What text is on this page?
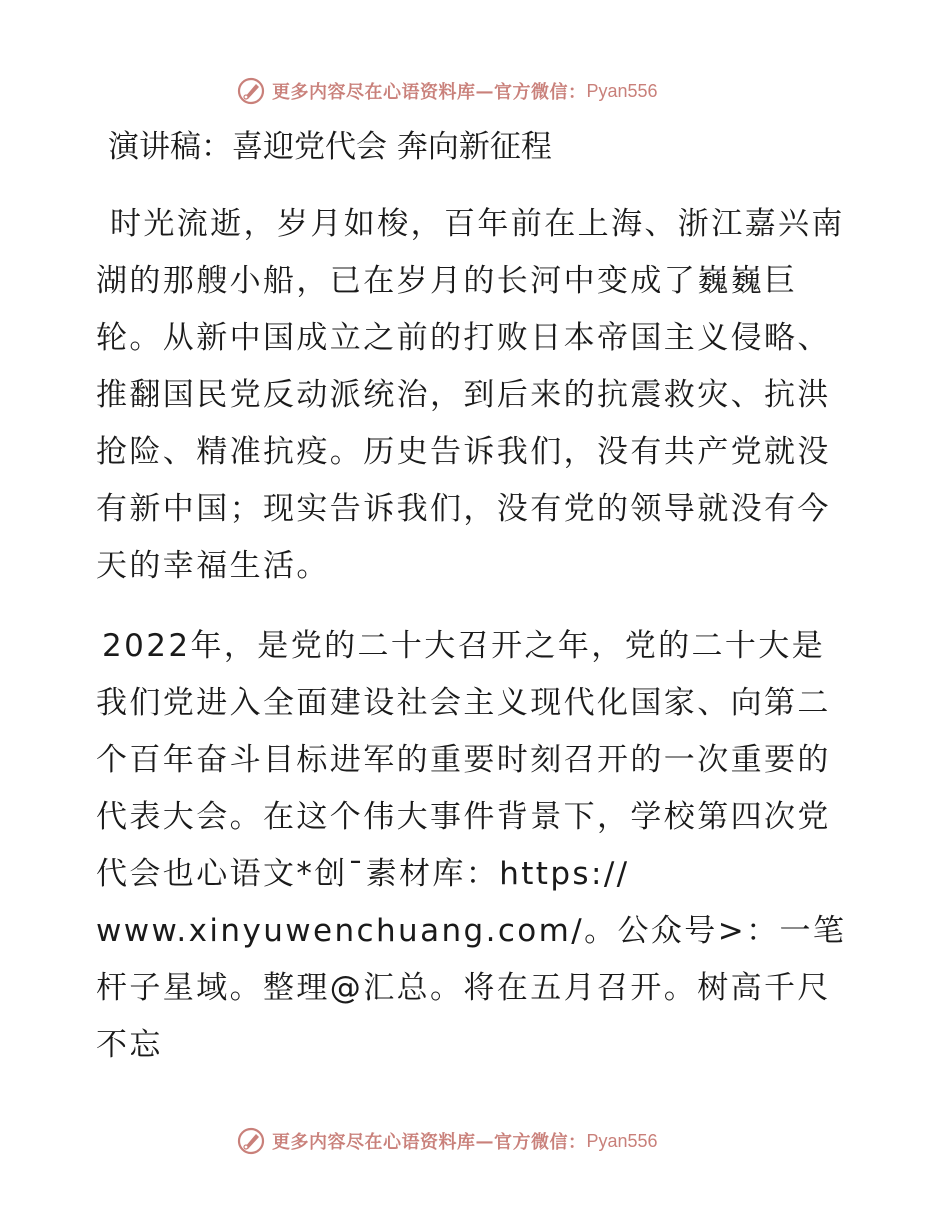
更多内容尽在心语资料库 — 官方微信： Pyan556
演讲稿：喜迎党代会 奔向新征程

时光流逝，岁月如梭，百年前在上海、浙江嘉兴南湖的那艘小船，已在岁月的长河中变成了巍巍巨轮。从新中国成立之前的打败日本帝国主义侵略、推翻国民党反动派统治，到后来的抗震救灾、抗洪抢险、精准抗疫。历史告诉我们，没有共产党就没有新中国；现实告诉我们，没有党的领导就没有今天的幸福生活。

2022年，是党的二十大召开之年，党的二十大是我们党进入全面建设社会主义现代化国家、向第二个百年奋斗目标进军的重要时刻召开的一次重要的代表大会。在这个伟大事件背景下，学校第四次党代会也心语文*创¯素材库：https:// www.xinyuwenchuang.com/。公众号>：一笔杆子星域。整理@汇总。将在五月召开。树高千尺不忘

更多内容尽在心语资料库 — 官方微信： Pyan556
